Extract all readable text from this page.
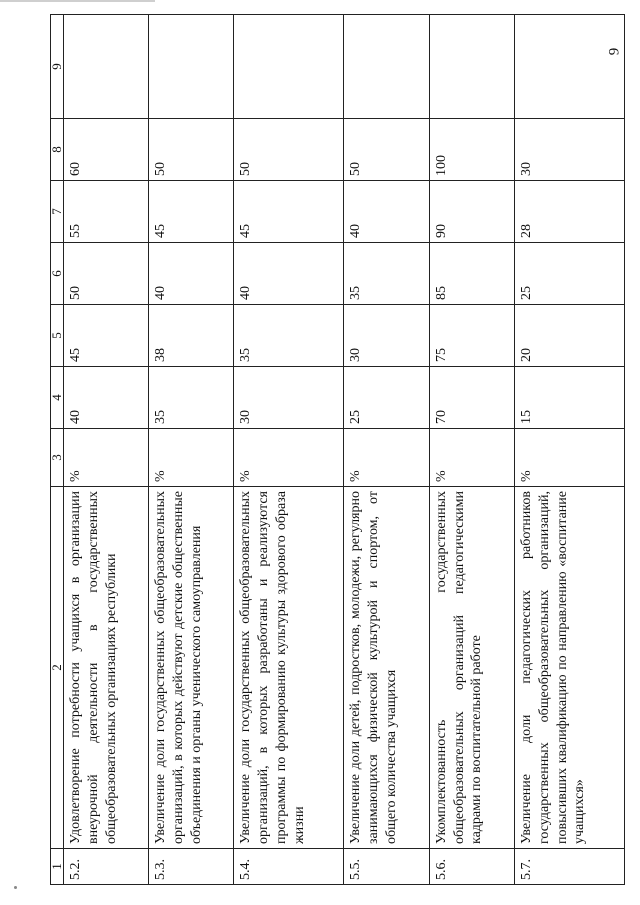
9
1	2	3	4	5	6	7	8	9
5.2.	Удовлетворение потребности учащихся в организации внеурочной деятельности в государственных общеобразовательных организациях республики	%	40	45	50	55	60	
5.3.	Увеличение доли государственных общеобразовательных организаций, в которых действуют детские общественные объединения и органы ученического самоуправления	%	35	38	40	45	50	
5.4.	Увеличение доли государственных общеобразовательных организаций, в которых разработаны и реализуются программы по формированию культуры здорового образа жизни	%	30	35	40	45	50	
5.5.	Увеличение доли детей, подростков, молодежи, регулярно занимающихся физической культурой и спортом, от общего количества учащихся	%	25	30	35	40	50	
5.6.	Укомплектованность государственных общеобразовательных организаций педагогическими кадрами по воспитательной работе	%	70	75	85	90	100	
5.7.	Увеличение доли педагогических работников государственных общеобразовательных организаций, повысивших квалификацию по направлению «воспитание учащихся»	%	15	20	25	28	30	
